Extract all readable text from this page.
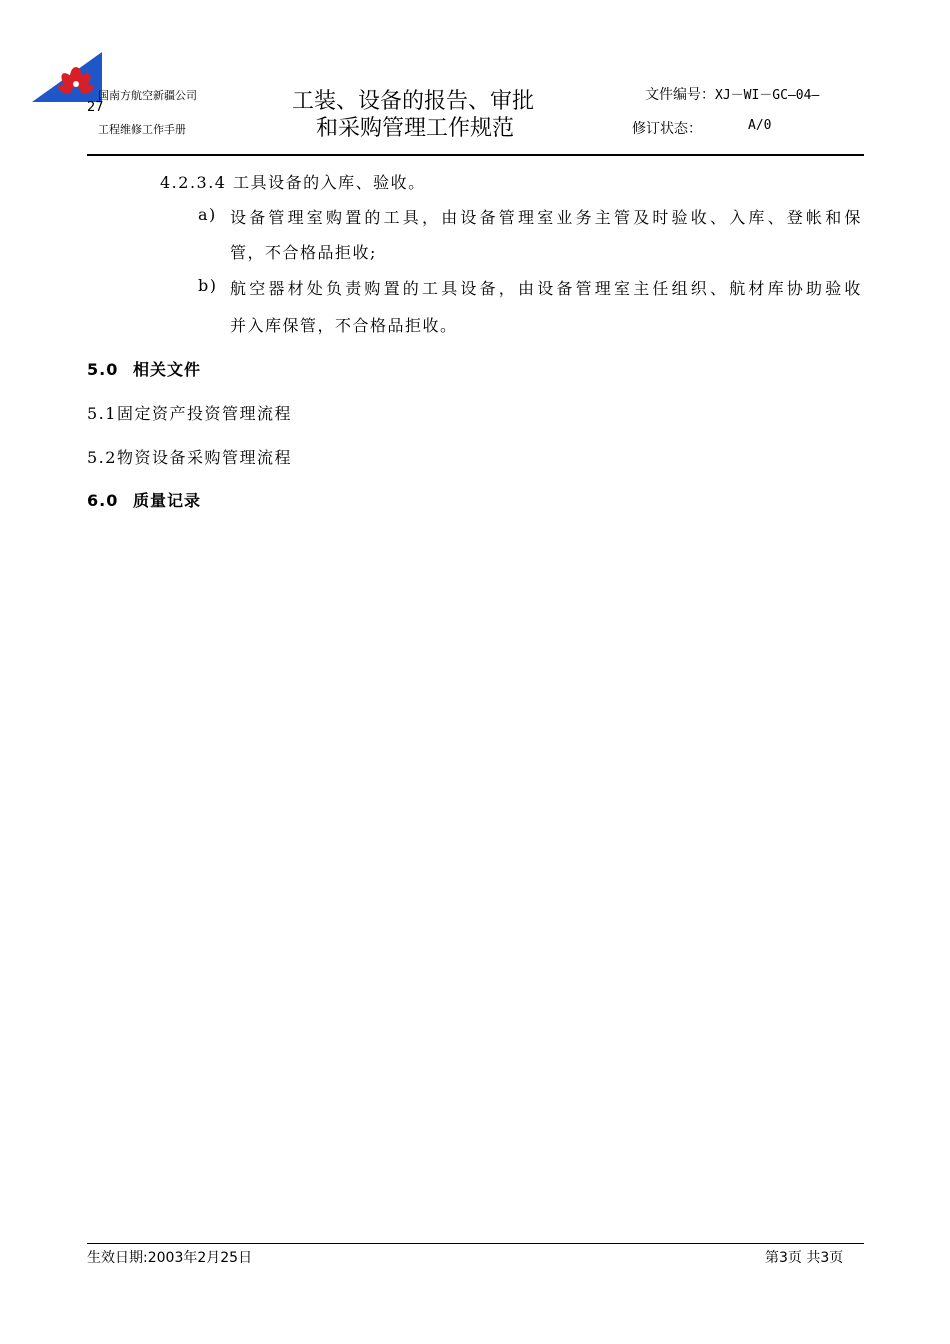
国南方航空新疆公司
27
工程维修工作手册
工装、设备的报告、审批
和采购管理工作规范
文件编号：XJ－WI－GC—04—
修订状态：	A/0
4.2.3.4 工具设备的入库、验收。
a) 设备管理室购置的工具，由设备管理室业务主管及时验收、入库、登帐和保
管，不合格品拒收;
b) 航空器材处负责购置的工具设备，由设备管理室主任组织、航材库协助验收
并入库保管，不合格品拒收。
5.0 相关文件
5.1固定资产投资管理流程
5.2物资设备采购管理流程
6.0 质量记录
生效日期:2003年2月25日	第3页 共3页
